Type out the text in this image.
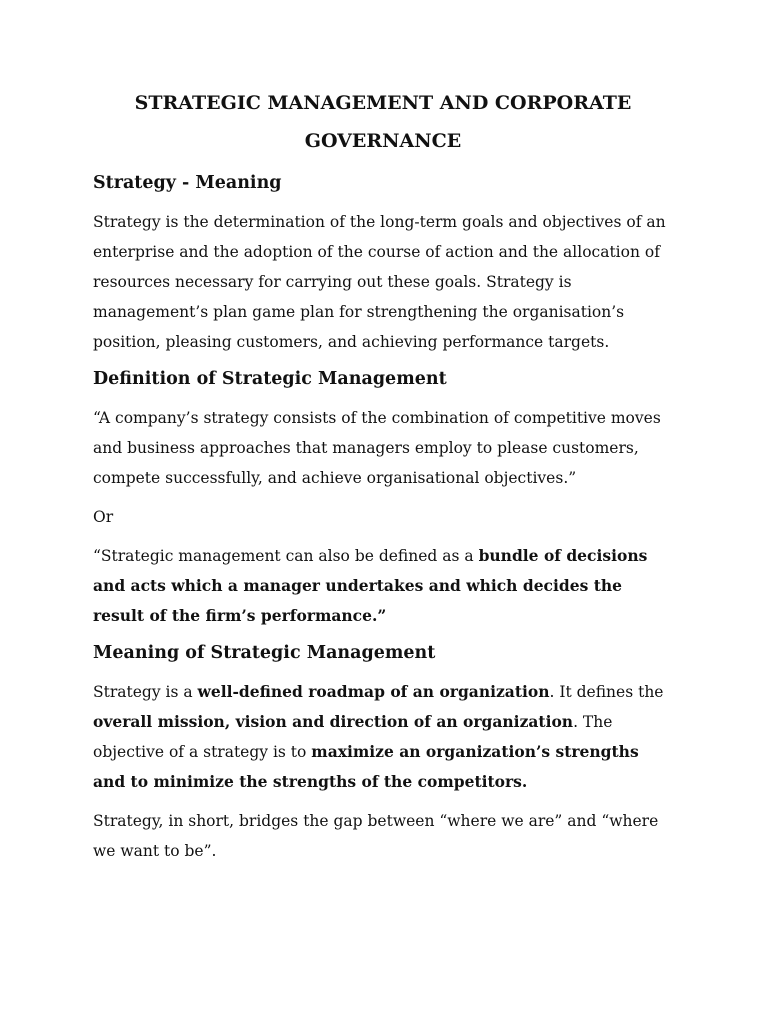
STRATEGIC MANAGEMENT AND CORPORATE GOVERNANCE
Strategy - Meaning

Strategy is the determination of the long-term goals and objectives of an enterprise and the adoption of the course of action and the allocation of resources necessary for carrying out these goals. Strategy is management’s plan game plan for strengthening the organisation’s position, pleasing customers, and achieving performance targets.

Definition of Strategic Management

“A company’s strategy consists of the combination of competitive moves and business approaches that managers employ to please customers, compete successfully, and achieve organisational objectives.”

Or

“Strategic management can also be defined as a bundle of decisions and acts which a manager undertakes and which decides the result of the firm’s performance.”

Meaning of Strategic Management

Strategy is a well-defined roadmap of an organization. It defines the overall mission, vision and direction of an organization. The objective of a strategy is to maximize an organization’s strengths and to minimize the strengths of the competitors.

Strategy, in short, bridges the gap between “where we are” and “where we want to be”.
